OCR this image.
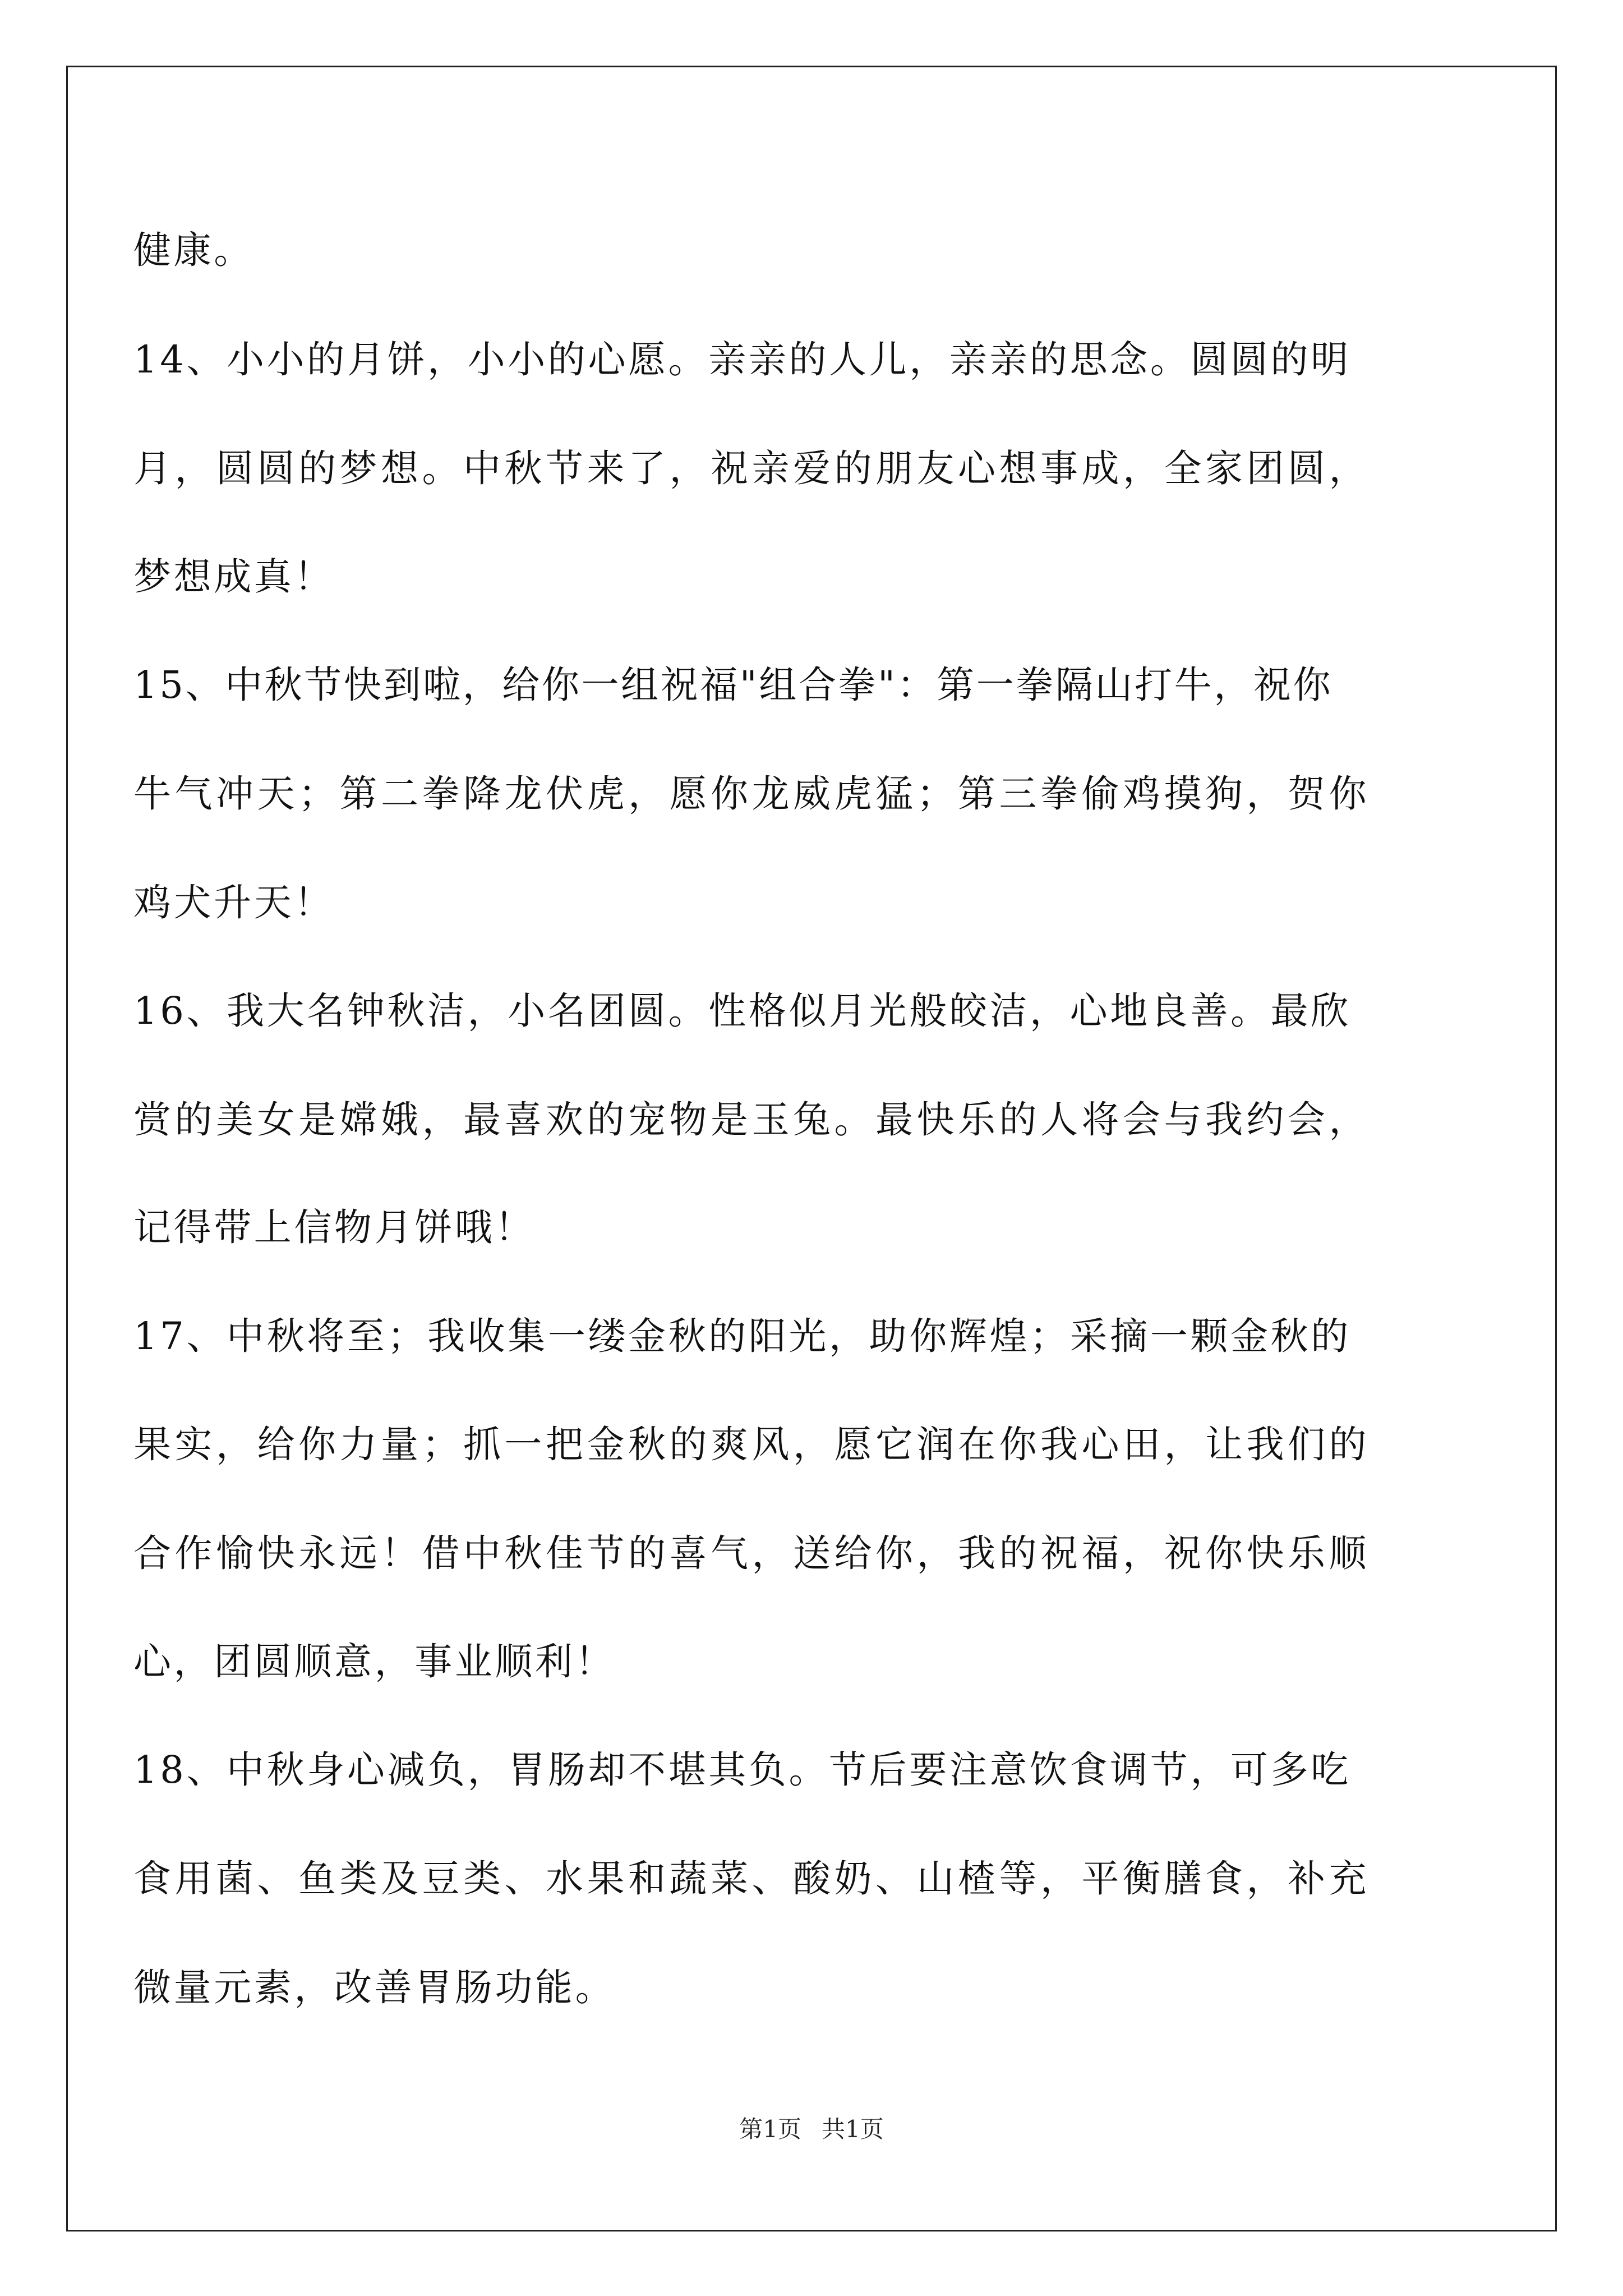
健康。
14、小小的月饼，小小的心愿。亲亲的人儿，亲亲的思念。圆圆的明
月，圆圆的梦想。中秋节来了，祝亲爱的朋友心想事成，全家团圆，
梦想成真！
15、中秋节快到啦，给你一组祝福"组合拳"：第一拳隔山打牛，祝你
牛气冲天；第二拳降龙伏虎，愿你龙威虎猛；第三拳偷鸡摸狗，贺你
鸡犬升天！
16、我大名钟秋洁，小名团圆。性格似月光般皎洁，心地良善。最欣
赏的美女是嫦娥，最喜欢的宠物是玉兔。最快乐的人将会与我约会，
记得带上信物月饼哦！
17、中秋将至；我收集一缕金秋的阳光，助你辉煌；采摘一颗金秋的
果实，给你力量；抓一把金秋的爽风，愿它润在你我心田，让我们的
合作愉快永远！借中秋佳节的喜气，送给你，我的祝福，祝你快乐顺
心，团圆顺意，事业顺利！
18、中秋身心减负，胃肠却不堪其负。节后要注意饮食调节，可多吃
食用菌、鱼类及豆类、水果和蔬菜、酸奶、山楂等，平衡膳食，补充
微量元素，改善胃肠功能。
第1页 共1页
